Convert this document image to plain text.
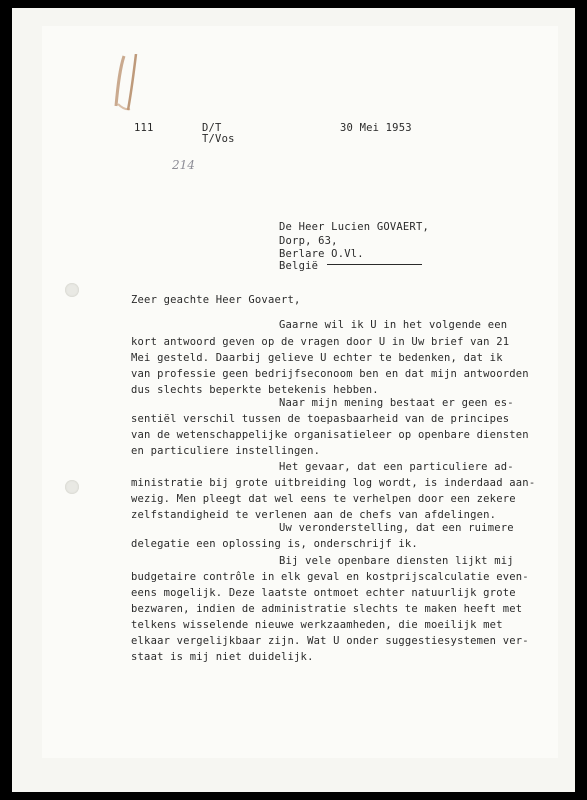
111	D/T
T/Vos
30 Mei 1953
214
De Heer Lucien GOVAERT,
Dorp, 63,
Berlare O.Vl.
België
Zeer geachte Heer Govaert,
Gaarne wil ik U in het volgende een
kort antwoord geven op de vragen door U in Uw brief van 21
Mei gesteld. Daarbij gelieve U echter te bedenken, dat ik
van professie geen bedrijfseconoom ben en dat mijn antwoorden
dus slechts beperkte betekenis hebben.
Naar mijn mening bestaat er geen es-
sentiël verschil tussen de toepasbaarheid van de principes
van de wetenschappelijke organisatieleer op openbare diensten
en particuliere instellingen.
Het gevaar, dat een particuliere ad-
ministratie bij grote uitbreiding log wordt, is inderdaad aan-
wezig. Men pleegt dat wel eens te verhelpen door een zekere
zelfstandigheid te verlenen aan de chefs van afdelingen.
Uw veronderstelling, dat een ruimere
delegatie een oplossing is, onderschrijf ik.
Bij vele openbare diensten lijkt mij
budgetaire contrôle in elk geval en kostprijscalculatie even-
eens mogelijk. Deze laatste ontmoet echter natuurlijk grote
bezwaren, indien de administratie slechts te maken heeft met
telkens wisselende nieuwe werkzaamheden, die moeilijk met
elkaar vergelijkbaar zijn. Wat U onder suggestiesystemen ver-
staat is mij niet duidelijk.
